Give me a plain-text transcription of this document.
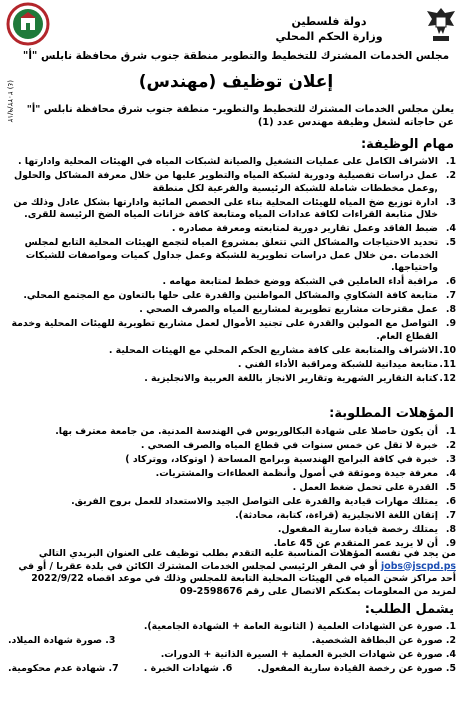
٢٠٢٢/٩/١٢ (٤)
دولة فلسطين
وزارة الحكم المحلي
مجلس الخدمات المشترك للتخطيط والتطوير منطقة جنوب شرق محافظة نابلس "أ"
إعلان توظيف (مهندس)
يعلن مجلس الخدمات المشترك للتخطيط والتطوير- منطقة جنوب شرق محافظة نابلس "أ" عن حاجاته لشغل وظيفة مهندس عدد (1)
مهام الوظيفة:
1.
الاشراف الكامل على عمليات التشغيل والصيانة لشبكات المياه في الهيئات المحلية وادارتها .
2.
عمل دراسات تفصيلية ودورية لشبكة المياه والتطوير عليها من خلال معرفة المشاكل والحلول ,وعمل مخططات شاملة للشبكة الرئيسية والفرعية لكل منطقة
3.
ادارة توزيع ضخ المياه للهيئات المحلية بناء على الحصص المائية وادارتها بشكل عادل وذلك من خلال متابعة القراءات لكافة عدادات المياه ومتابعة كافة خزانات المياه الضخ الرئيسة للقرى.
4.
ضبط الفاقد وعمل تقارير دورية لمتابعته ومعرفة مصادره .
5.
تحديد الاحتياجات والمشاكل التي تتعلق بمشروع المياه لتجمع الهيئات المحلية التابع لمجلس الخدمات .من خلال عمل دراسات تطويرية للشبكة وعمل جداول كميات ومواصفات للشبكات واحتياجها.
6.
مراقبة أداء العاملين في الشبكة ووضع خطط لمتابعة مهامه .
7.
متابعة كافة الشكاوي والمشاكل المواطنين والقدرة على حلها بالتعاون مع المجتمع المحلي.
8.
عمل مقترحات مشاريع تطويرية لمشاريع المياه والصرف الصحي .
9.
التواصل مع المولين والقدرة على تجنيد الأموال لعمل مشاريع تطويرية للهيئات المحلية وخدمة القطاع العام.
10.
الاشراف والمتابعة على كافة مشاريع الحكم المحلي مع الهيئات المحلية .
11.
متابعة ميدانية للشبكة ومراقبة الأداء الفني .
12.
كتابة التقارير الشهرية وتقارير الانجاز باللغة العربية والانجليزية .
المؤهلات المطلوبة:
1.
أن يكون حاصلا على شهادة البكالوريوس في الهندسة المدنية. من جامعة معترف بها.
2.
خبرة لا تقل عن خمس سنوات في قطاع المياه والصرف الصحي .
3.
خبرة في كافة البرامج الهندسية وبرامج المساحة ( اوتوكاد، ووتركاد )
4.
معرفة جيدة وموثقة في أصول وأنظمة العطاءات والمشتريات.
5.
القدرة على تحمل ضغط العمل .
6.
يمتلك مهارات قيادية والقدرة على التواصل الجيد والاستعداد للعمل بروح الفريق.
7.
إتقان اللغة الانجليزية (قراءة، كتابة، محادثة).
8.
يمتلك رخصة قيادة سارية المفعول.
9.
أن لا يزيد عمر المتقدم عن 45 عاما.
من يجد في نفسه المؤهلات المناسبة عليه التقدم بطلب توظيف على العنوان البريدي التالي jobs@jscpd.ps أو في المقر الرئيسي لمجلس الخدمات المشترك الكائن في بلدة عقربا / أو في أحد مراكز شحن المياه في الهيئات المحلية التابعة للمجلس وذلك في موعد اقصاه 2022/9/22 لمزيد من المعلومات يمكنكم الاتصال على رقم 2598676-09
يشمل الطلب:
1. صورة عن الشهادات العلمية ( الثانوية العامة + الشهادة الجامعية).
2. صورة عن البطاقة الشخصية.
3. صورة شهادة الميلاد.
4. صورة عن شهادات الخبرة العملية + السيرة الذاتية + الدورات.
5. صورة عن رخصة القيادة سارية المفعول.
6. شهادات الخبرة .
7. شهادة عدم محكومية.
